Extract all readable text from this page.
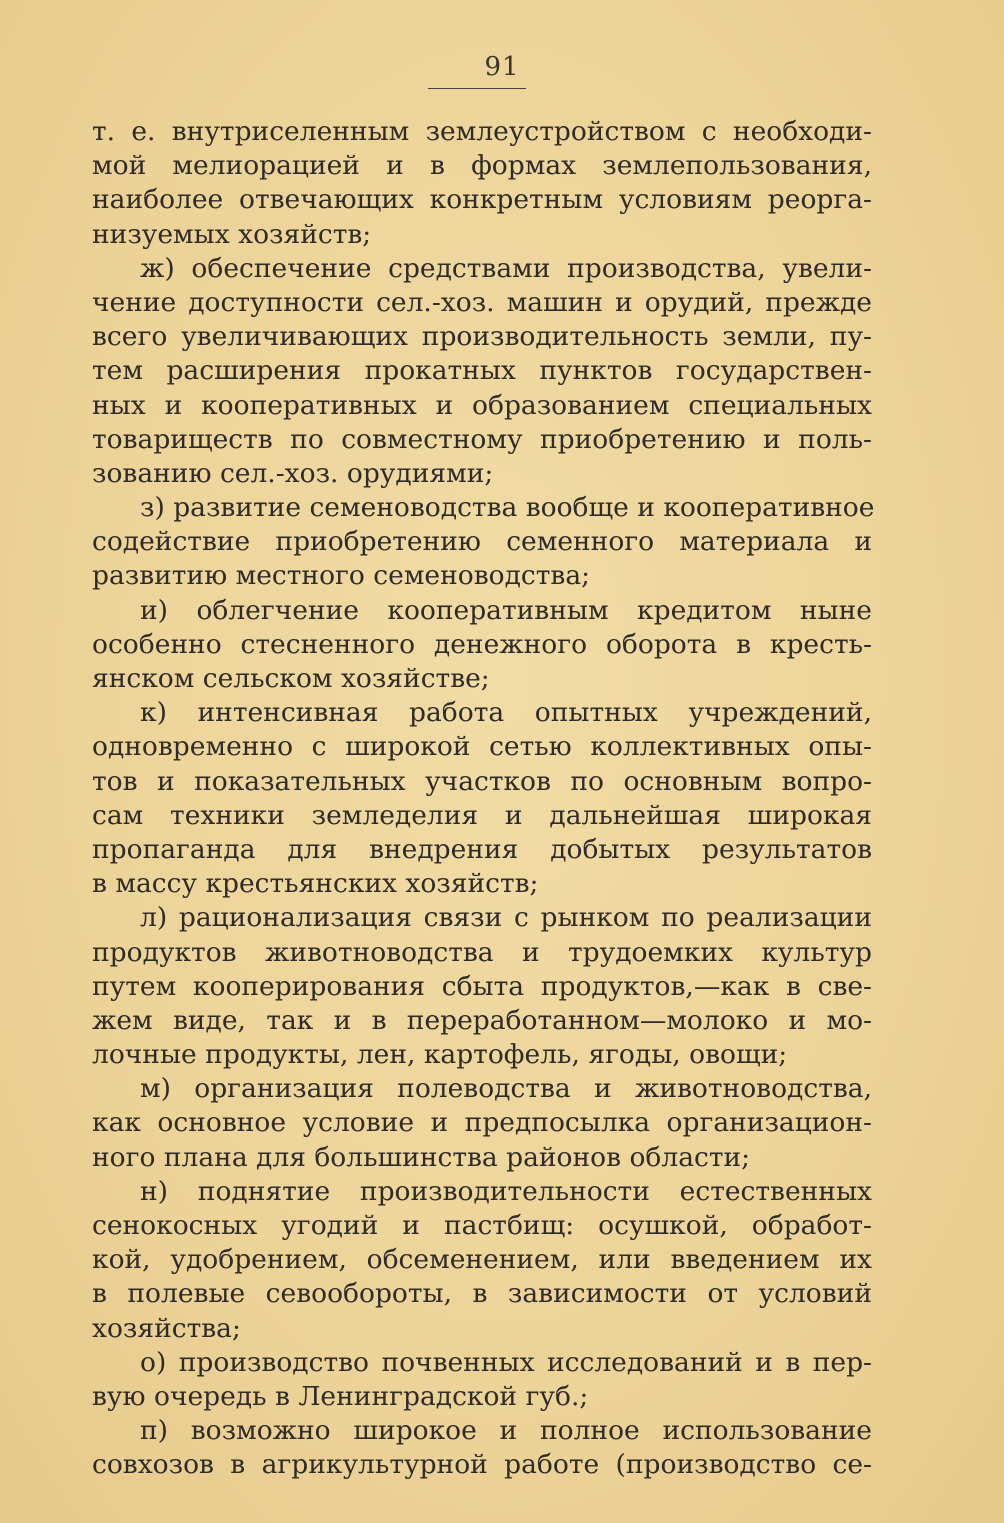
91
т. е. внутриселенным землеустройством с необходи-
мой мелиорацией и в формах землепользования,
наиболее отвечающих конкретным условиям реорга-
низуемых хозяйств;
ж) обеспечение средствами производства, увели-
чение доступности сел.-хоз. машин и орудий, прежде
всего увеличивающих производительность земли, пу-
тем расширения прокатных пунктов государствен-
ных и кооперативных и образованием специальных
товариществ по совместному приобретению и поль-
зованию сел.-хоз. орудиями;
з) развитие семеноводства вообще и кооперативное
содействие приобретению семенного материала и
развитию местного семеноводства;
и) облегчение кооперативным кредитом ныне
особенно стесненного денежного оборота в кресть-
янском сельском хозяйстве;
к) интенсивная работа опытных учреждений,
одновременно с широкой сетью коллективных опы-
тов и показательных участков по основным вопро-
сам техники земледелия и дальнейшая широкая
пропаганда для внедрения добытых результатов
в массу крестьянских хозяйств;
л) рационализация связи с рынком по реализации
продуктов животноводства и трудоемких культур
путем кооперирования сбыта продуктов,—как в све-
жем виде, так и в переработанном—молоко и мо-
лочные продукты, лен, картофель, ягоды, овощи;
м) организация полеводства и животноводства,
как основное условие и предпосылка организацион-
ного плана для большинства районов области;
н) поднятие производительности естественных
сенокосных угодий и пастбищ: осушкой, обработ-
кой, удобрением, обсеменением, или введением их
в полевые севообороты, в зависимости от условий
хозяйства;
о) производство почвенных исследований и в пер-
вую очередь в Ленинградской губ.;
п) возможно широкое и полное использование
совхозов в агрикультурной работе (производство се-
